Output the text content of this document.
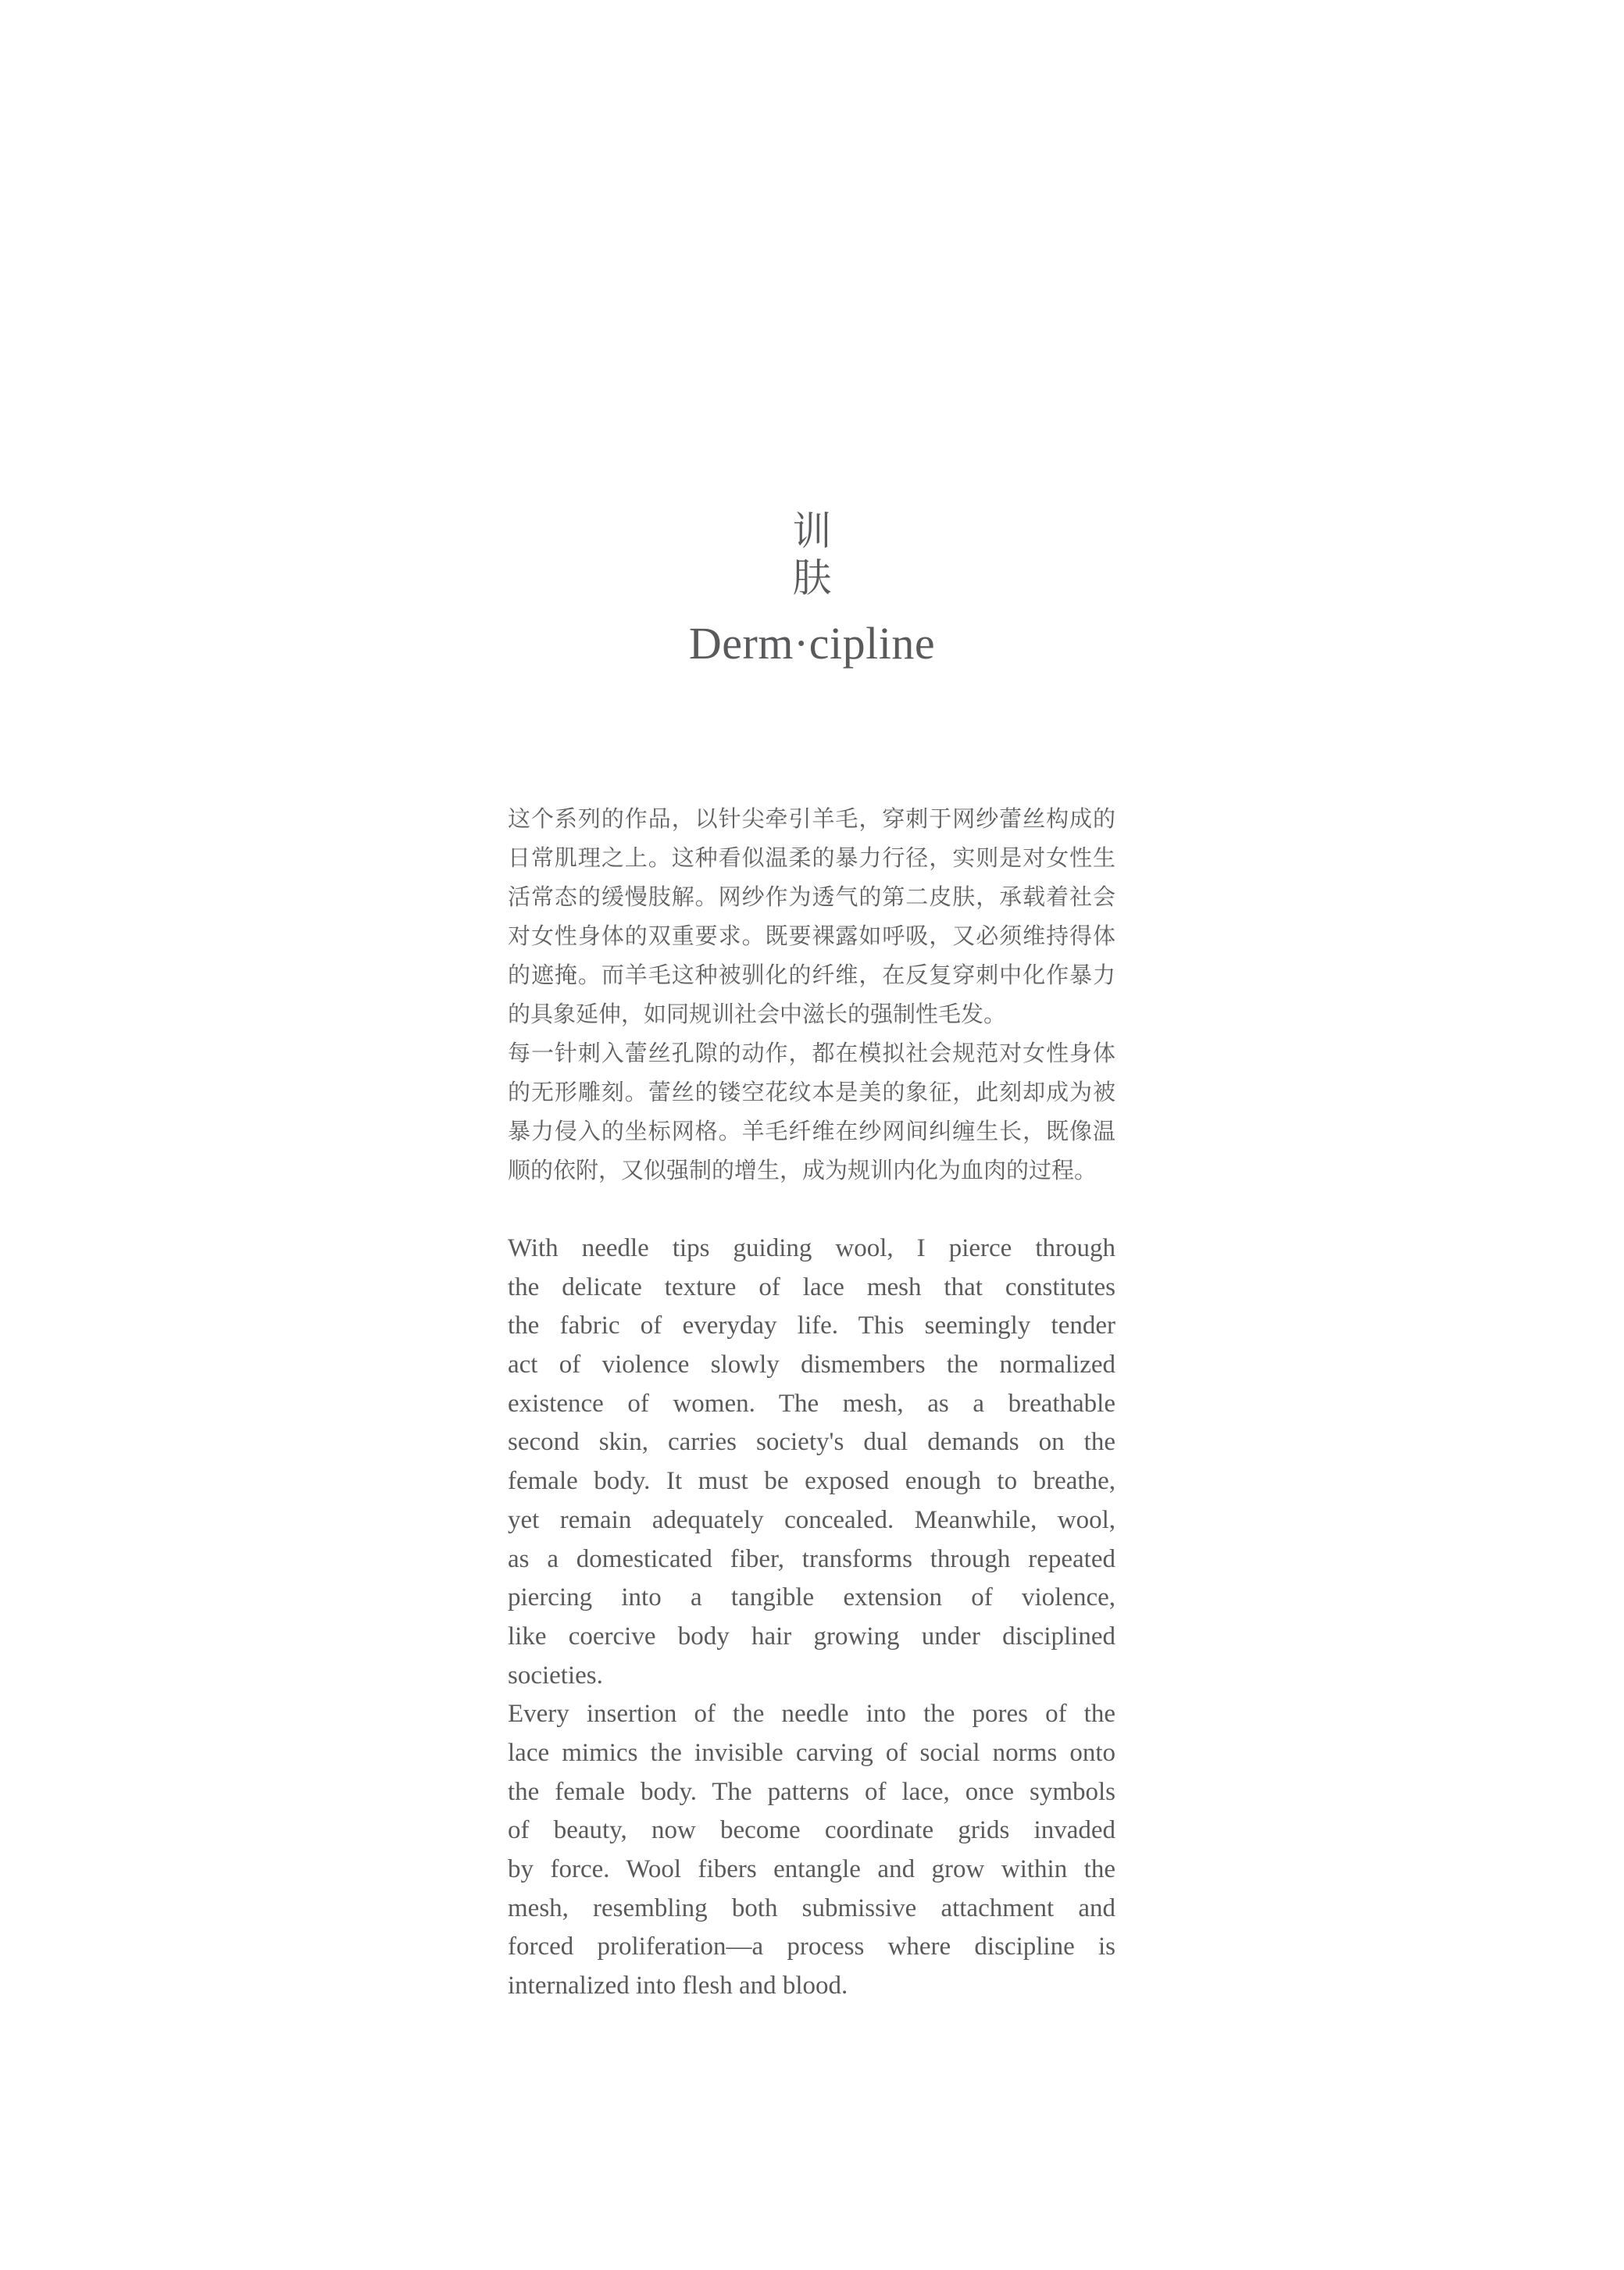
训
肤
Derm·cipline
这个系列的作品，以针尖牵引羊毛，穿刺于网纱蕾丝构成的
日常肌理之上。这种看似温柔的暴力行径，实则是对女性生
活常态的缓慢肢解。网纱作为透气的第二皮肤，承载着社会
对女性身体的双重要求。既要裸露如呼吸，又必须维持得体
的遮掩。而羊毛这种被驯化的纤维，在反复穿刺中化作暴力
的具象延伸，如同规训社会中滋长的强制性毛发。
每一针刺入蕾丝孔隙的动作，都在模拟社会规范对女性身体
的无形雕刻。蕾丝的镂空花纹本是美的象征，此刻却成为被
暴力侵入的坐标网格。羊毛纤维在纱网间纠缠生长，既像温
顺的依附，又似强制的增生，成为规训内化为血肉的过程。
With needle tips guiding wool, I pierce through
the delicate texture of lace mesh that constitutes
the fabric of everyday life. This seemingly tender
act of violence slowly dismembers the normalized
existence of women. The mesh, as a breathable
second skin, carries society's dual demands on the
female body. It must be exposed enough to breathe,
yet remain adequately concealed. Meanwhile, wool,
as a domesticated fiber, transforms through repeated
piercing into a tangible extension of violence,
like coercive body hair growing under disciplined
societies.
Every insertion of the needle into the pores of the
lace mimics the invisible carving of social norms onto
the female body. The patterns of lace, once symbols
of beauty, now become coordinate grids invaded
by force. Wool fibers entangle and grow within the
mesh, resembling both submissive attachment and
forced proliferation—a process where discipline is
internalized into flesh and blood.
